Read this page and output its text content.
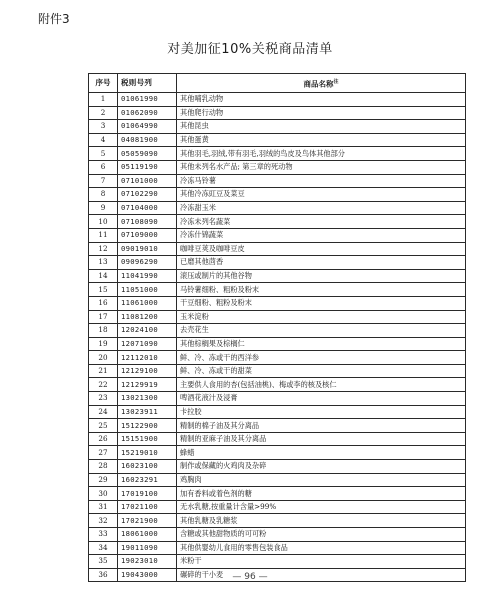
附件3
对美加征10%关税商品清单
序号	税则号列	商品名称$^注$
1	01061990	其他哺乳动物
2	01062090	其他爬行动物
3	01064990	其他昆虫
4	04081900	其他蛋黄
5	05059090	其他羽毛,羽绒,带有羽毛,羽绒的鸟皮及鸟体其他部分
6	05119190	其他未列名水产品; 第三章的死动物
7	07101000	冷冻马铃薯
8	07102290	其他冷冻豇豆及菜豆
9	07104000	冷冻甜玉米
10	07108090	冷冻未列名蔬菜
11	07109000	冷冻什锦蔬菜
12	09019010	咖啡豆荚及咖啡豆皮
13	09096290	已磨其他茴香
14	11041990	滚压或制片的其他谷物
15	11051000	马铃薯细粉、粗粉及粉末
16	11061000	干豆细粉、粗粉及粉末
17	11081200	玉米淀粉
18	12024100	去壳花生
19	12071090	其他棕榈果及棕榈仁
20	12112010	鲜、冷、冻或干的西洋参
21	12129100	鲜、冷、冻或干的甜菜
22	12129919	主要供人食用的杏(包括油桃)、梅或李的核及核仁
23	13021300	啤酒花液汁及浸膏
24	13023911	卡拉胶
25	15122900	精制的棉子油及其分离品
26	15151900	精制的亚麻子油及其分离品
27	15219010	蜂蜡
28	16023100	制作或保藏的火鸡肉及杂碎
29	16023291	鸡胸肉
30	17019100	加有香料或着色剂的糖
31	17021100	无水乳糖,按重量计含量>99%
32	17021900	其他乳糖及乳糖浆
33	18061000	含糖或其他甜物质的可可粉
34	19011090	其他供婴幼儿食用的零售包装食品
35	19023010	米粉干
36	19043000	碾碎的干小麦	— 96 —
